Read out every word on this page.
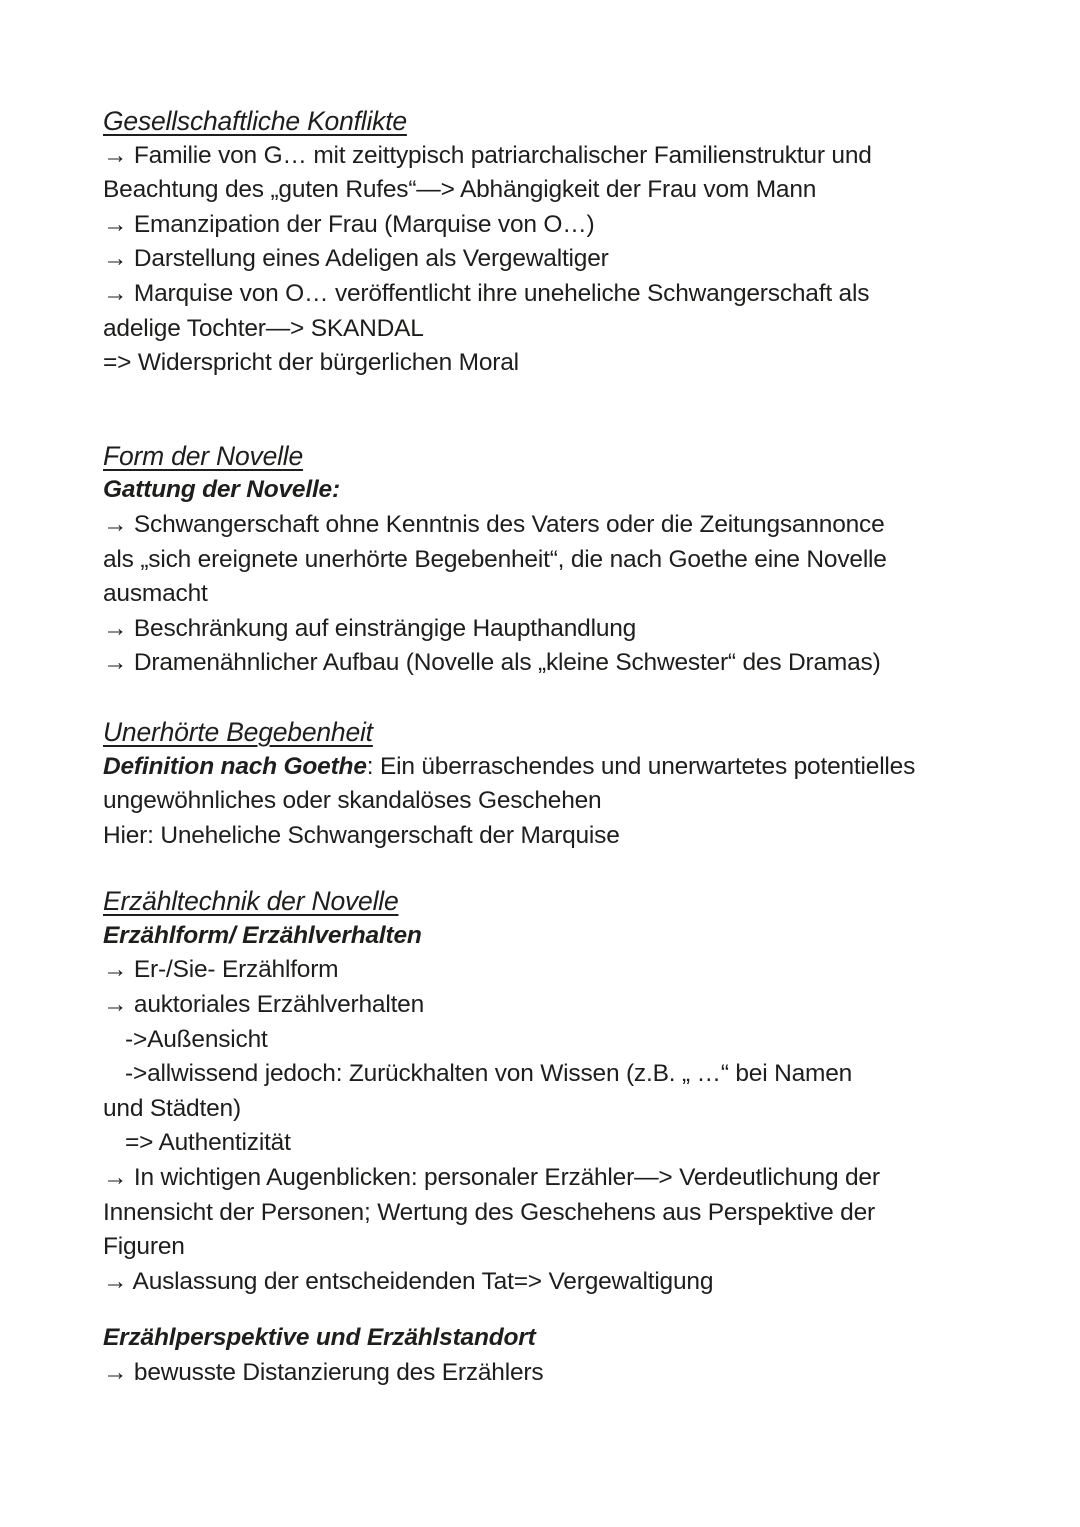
Gesellschaftliche Konflikte
→ Familie von G… mit zeittypisch patriarchalischer Familienstruktur und
Beachtung des „guten Rufes“—> Abhängigkeit der Frau vom Mann
→ Emanzipation der Frau (Marquise von O…)
→ Darstellung eines Adeligen als Vergewaltiger
→ Marquise von O… veröffentlicht ihre uneheliche Schwangerschaft als
adelige Tochter—> SKANDAL
=> Widerspricht der bürgerlichen Moral
Form der Novelle
Gattung der Novelle:
→ Schwangerschaft ohne Kenntnis des Vaters oder die Zeitungsannonce
als „sich ereignete unerhörte Begebenheit“, die nach Goethe eine Novelle
ausmacht
→ Beschränkung auf einsträngige Haupthandlung
→ Dramenähnlicher Aufbau (Novelle als „kleine Schwester“ des Dramas)
Unerhörte Begebenheit
Definition nach Goethe: Ein überraschendes und unerwartetes potentielles
ungewöhnliches oder skandalöses Geschehen
Hier: Uneheliche Schwangerschaft der Marquise
Erzähltechnik der Novelle
Erzählform/ Erzählverhalten
→ Er-/Sie- Erzählform
→ auktoriales Erzählverhalten
->Außensicht
->allwissend jedoch: Zurückhalten von Wissen (z.B. „ …“ bei Namen
und Städten)
=> Authentizität
→ In wichtigen Augenblicken: personaler Erzähler—> Verdeutlichung der
Innensicht der Personen; Wertung des Geschehens aus Perspektive der
Figuren
→ Auslassung der entscheidenden Tat=> Vergewaltigung
Erzählperspektive und Erzählstandort
→ bewusste Distanzierung des Erzählers
